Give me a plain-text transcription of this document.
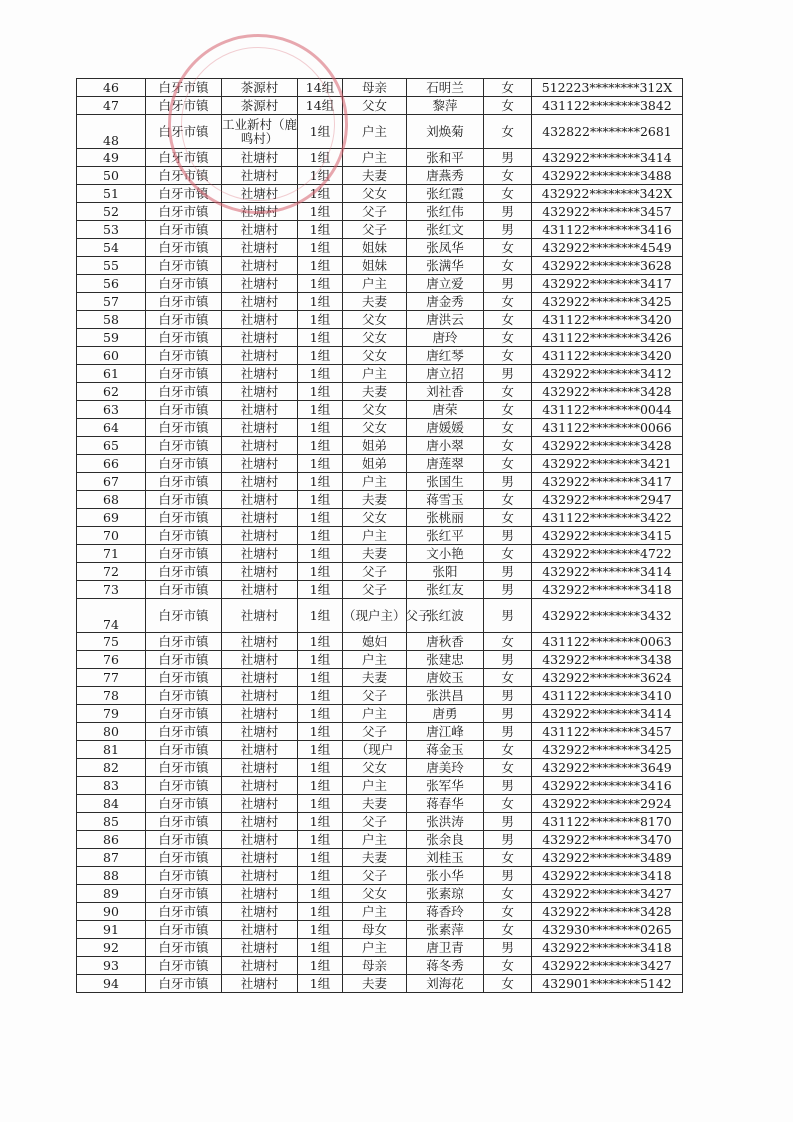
46	白牙市镇	茶源村	14组	母亲	石明兰	女	512223********312X
47	白牙市镇	茶源村	14组	父女	黎萍	女	431122********3842
48	白牙市镇	工业新村（鹿鸣村）	1组	户主	刘焕菊	女	432822********2681
49	白牙市镇	社塘村	1组	户主	张和平	男	432922********3414
50	白牙市镇	社塘村	1组	夫妻	唐燕秀	女	432922********3488
51	白牙市镇	社塘村	1组	父女	张红霞	女	432922********342X
52	白牙市镇	社塘村	1组	父子	张红伟	男	432922********3457
53	白牙市镇	社塘村	1组	父子	张红文	男	431122********3416
54	白牙市镇	社塘村	1组	姐妹	张凤华	女	432922********4549
55	白牙市镇	社塘村	1组	姐妹	张满华	女	432922********3628
56	白牙市镇	社塘村	1组	户主	唐立爱	男	432922********3417
57	白牙市镇	社塘村	1组	夫妻	唐金秀	女	432922********3425
58	白牙市镇	社塘村	1组	父女	唐洪云	女	431122********3420
59	白牙市镇	社塘村	1组	父女	唐玲	女	431122********3426
60	白牙市镇	社塘村	1组	父女	唐红琴	女	431122********3420
61	白牙市镇	社塘村	1组	户主	唐立招	男	432922********3412
62	白牙市镇	社塘村	1组	夫妻	刘社香	女	432922********3428
63	白牙市镇	社塘村	1组	父女	唐荣	女	431122********0044
64	白牙市镇	社塘村	1组	父女	唐媛媛	女	431122********0066
65	白牙市镇	社塘村	1组	姐弟	唐小翠	女	432922********3428
66	白牙市镇	社塘村	1组	姐弟	唐莲翠	女	432922********3421
67	白牙市镇	社塘村	1组	户主	张国生	男	432922********3417
68	白牙市镇	社塘村	1组	夫妻	蒋雪玉	女	432922********2947
69	白牙市镇	社塘村	1组	父女	张桃丽	女	431122********3422
70	白牙市镇	社塘村	1组	户主	张红平	男	432922********3415
71	白牙市镇	社塘村	1组	夫妻	文小艳	女	432922********4722
72	白牙市镇	社塘村	1组	父子	张阳	男	432922********3414
73	白牙市镇	社塘村	1组	父子	张红友	男	432922********3418
74	白牙市镇	社塘村	1组	（现户主）父子	张红波	男	432922********3432
75	白牙市镇	社塘村	1组	媳妇	唐秋香	女	431122********0063
76	白牙市镇	社塘村	1组	户主	张建忠	男	432922********3438
77	白牙市镇	社塘村	1组	夫妻	唐姣玉	女	432922********3624
78	白牙市镇	社塘村	1组	父子	张洪昌	男	431122********3410
79	白牙市镇	社塘村	1组	户主	唐勇	男	432922********3414
80	白牙市镇	社塘村	1组	父子	唐江峰	男	431122********3457
81	白牙市镇	社塘村	1组	（现户	蒋金玉	女	432922********3425
82	白牙市镇	社塘村	1组	父女	唐美玲	女	432922********3649
83	白牙市镇	社塘村	1组	户主	张军华	男	432922********3416
84	白牙市镇	社塘村	1组	夫妻	蒋春华	女	432922********2924
85	白牙市镇	社塘村	1组	父子	张洪涛	男	431122********8170
86	白牙市镇	社塘村	1组	户主	张余良	男	432922********3470
87	白牙市镇	社塘村	1组	夫妻	刘桂玉	女	432922********3489
88	白牙市镇	社塘村	1组	父子	张小华	男	432922********3418
89	白牙市镇	社塘村	1组	父女	张素琼	女	432922********3427
90	白牙市镇	社塘村	1组	户主	蒋香玲	女	432922********3428
91	白牙市镇	社塘村	1组	母女	张素萍	女	432930********0265
92	白牙市镇	社塘村	1组	户主	唐卫青	男	432922********3418
93	白牙市镇	社塘村	1组	母亲	蒋冬秀	女	432922********3427
94	白牙市镇	社塘村	1组	夫妻	刘海花	女	432901********5142
